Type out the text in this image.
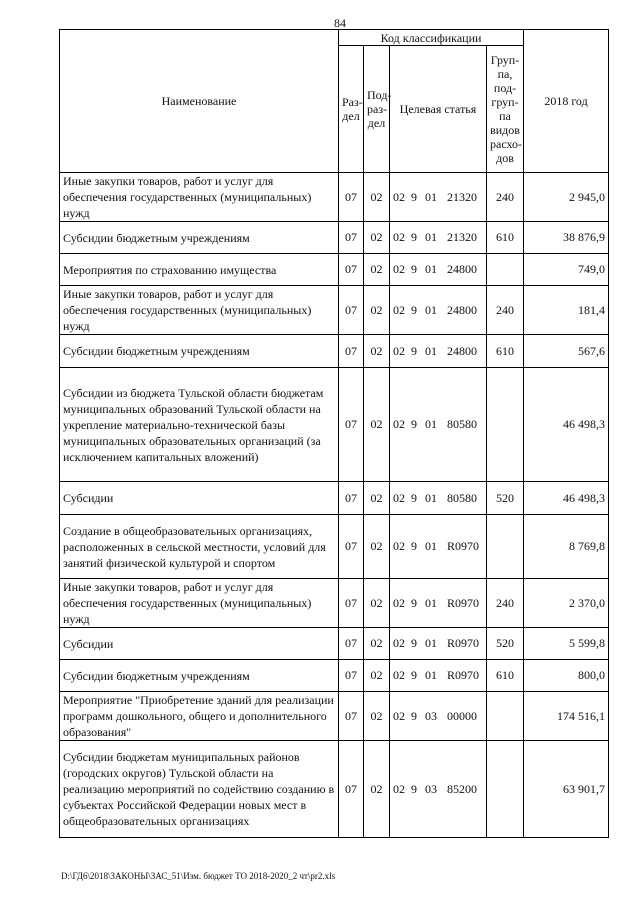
84
Наименование	Код классификации				2018 год
	Раз-дел	Под-раз-дел	Целевая статья	Груп-па, под-груп-па видов расхо-дов	
Иные закупки товаров, работ и услуг для обеспечения государственных (муниципальных) нужд	07	02	02 9 01 21320	240	2 945,0
Субсидии бюджетным учреждениям	07	02	02 9 01 21320	610	38 876,9
Мероприятия по страхованию имущества	07	02	02 9 01 24800		749,0
Иные закупки товаров, работ и услуг для обеспечения государственных (муниципальных) нужд	07	02	02 9 01 24800	240	181,4
Субсидии бюджетным учреждениям	07	02	02 9 01 24800	610	567,6
Субсидии из бюджета Тульской области бюджетам муниципальных образований Тульской области на укрепление материально-технической базы муниципальных образовательных организаций (за исключением капитальных вложений)	07	02	02 9 01 80580		46 498,3
Субсидии	07	02	02 9 01 80580	520	46 498,3
Создание в общеобразовательных организациях, расположенных в сельской местности, условий для занятий физической культурой и спортом	07	02	02 9 01 R0970		8 769,8
Иные закупки товаров, работ и услуг для обеспечения государственных (муниципальных) нужд	07	02	02 9 01 R0970	240	2 370,0
Субсидии	07	02	02 9 01 R0970	520	5 599,8
Субсидии бюджетным учреждениям	07	02	02 9 01 R0970	610	800,0
Мероприятие "Приобретение зданий для реализации программ дошкольного, общего и дополнительного образования"	07	02	02 9 03 00000		174 516,1
Субсидии бюджетам муниципальных районов (городских округов) Тульской области на реализацию мероприятий по содействию созданию в субъектах Российской Федерации новых мест в общеобразовательных организациях	07	02	02 9 03 85200		63 901,7
D:\ГД6\2018\ЗАКОНЫ\ЗАС_51\Изм. бюджет ТО 2018-2020_2 чт\pr2.xls
